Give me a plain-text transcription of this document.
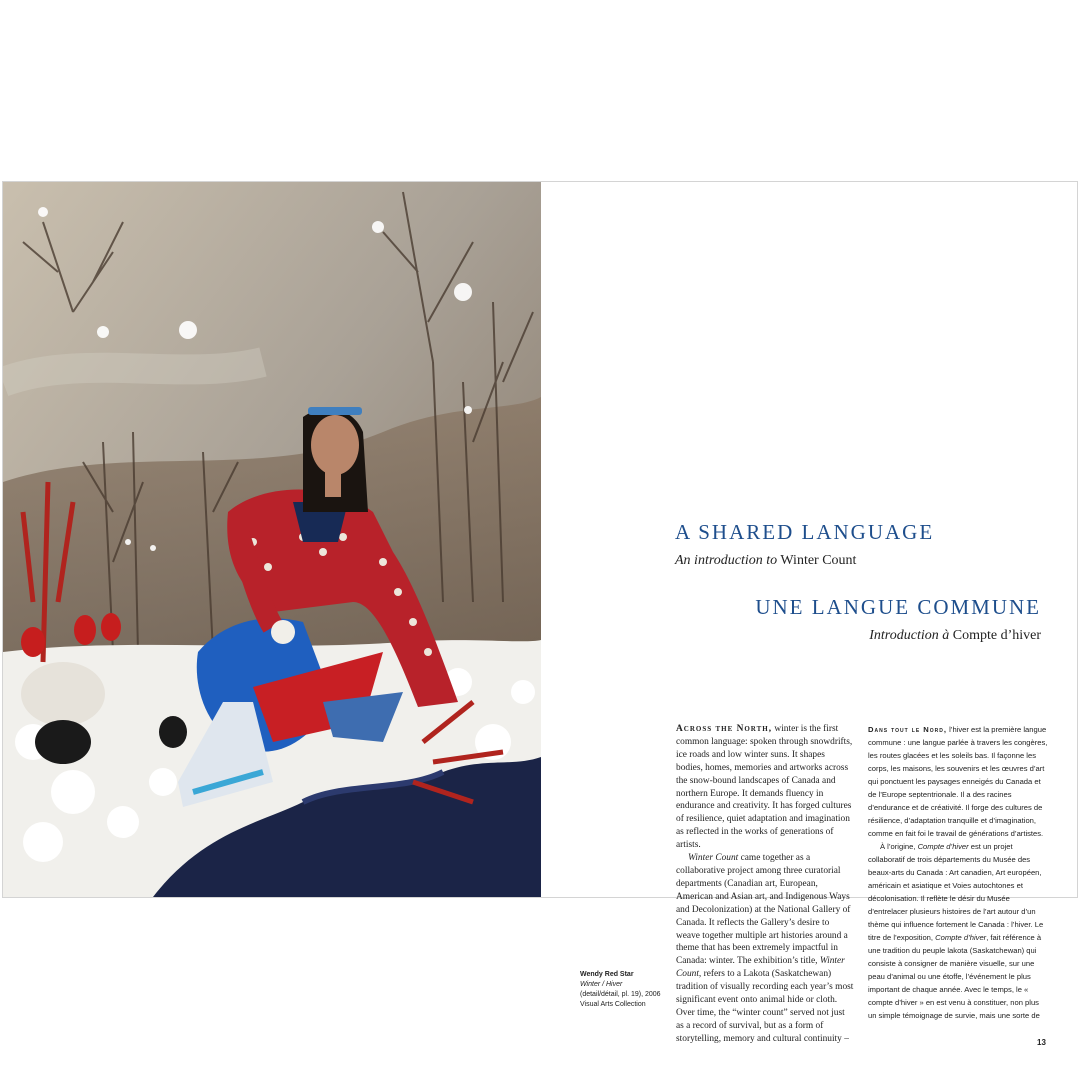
A SHARED LANGUAGE

An introduction to Winter Count

UNE LANGUE COMMUNE

Introduction à Compte d’hiver

Wendy Red Star
Winter / Hiver
(detail/détail, pl. 19), 2006
Visual Arts Collection

Across the North, winter is the first common language: spoken through snowdrifts, ice roads and low winter suns. It shapes bodies, homes, memories and artworks across the snow-bound landscapes of Canada and northern Europe. It demands fluency in endurance and creativity. It has forged cultures of resilience, quiet adaptation and imagination as reflected in the works of generations of artists.

Winter Count came together as a collaborative project among three curatorial departments (Canadian art, European, American and Asian art, and Indigenous Ways and Decolonization) at the National Gallery of Canada. It reflects the Gallery’s desire to weave together multiple art histories around a theme that has been extremely impactful in Canada: winter. The exhibition’s title, Winter Count, refers to a Lakota (Saskatchewan) tradition of visually recording each year’s most significant event onto animal hide or cloth. Over time, the “winter count” served not just as a record of survival, but as a form of storytelling, memory and cultural continuity –

Dans tout le Nord, l’hiver est la première langue commune : une langue parlée à travers les congères, les routes glacées et les soleils bas. Il façonne les corps, les maisons, les souvenirs et les œuvres d’art qui ponctuent les paysages enneigés du Canada et de l’Europe septentrionale. Il a des racines d’endurance et de créativité. Il forge des cultures de résilience, d’adaptation tranquille et d’imagination, comme en fait foi le travail de générations d’artistes.

À l’origine, Compte d’hiver est un projet collaboratif de trois départements du Musée des beaux-arts du Canada : Art canadien, Art européen, américain et asiatique et Voies autochtones et décolonisation. Il reflète le désir du Musée d’entrelacer plusieurs histoires de l’art autour d’un thème qui influence fortement le Canada : l’hiver. Le titre de l’exposition, Compte d’hiver, fait référence à une tradition du peuple lakota (Saskatchewan) qui consiste à consigner de manière visuelle, sur une peau d’animal ou une étoffe, l’événement le plus important de chaque année. Avec le temps, le « compte d’hiver » en est venu à constituer, non plus un simple témoignage de survie, mais une sorte de

13
